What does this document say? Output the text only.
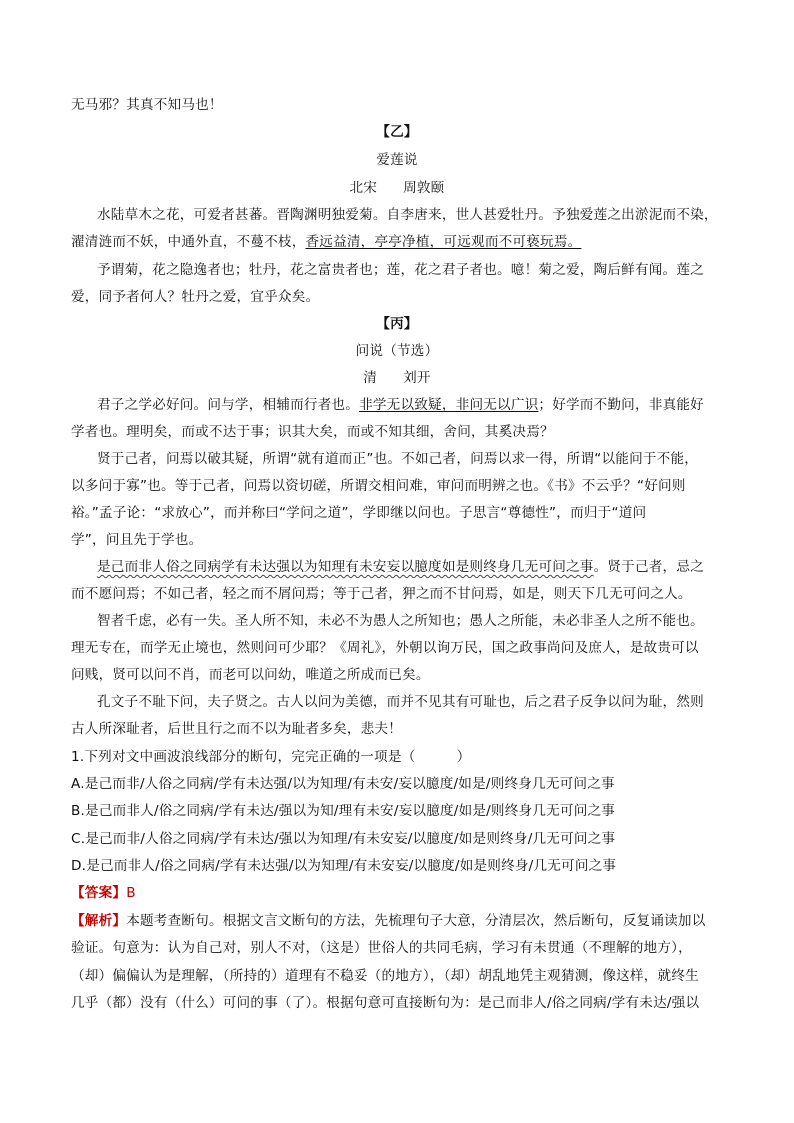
无马邪？其真不知马也！
【乙】
爱莲说
北宋 周敦颐
水陆草木之花，可爱者甚蕃。晋陶渊明独爱菊。自李唐来，世人甚爱牡丹。予独爱莲之出淤泥而不染，
濯清涟而不妖，中通外直，不蔓不枝，香远益清，亭亭净植，可远观而不可亵玩焉。
予谓菊，花之隐逸者也；牡丹，花之富贵者也；莲，花之君子者也。噫！菊之爱，陶后鲜有闻。莲之
爱，同予者何人？牡丹之爱，宜乎众矣。
【丙】
问说（节选）
清 刘开
君子之学必好问。问与学，相辅而行者也。非学无以致疑，非问无以广识；好学而不勤问，非真能好
学者也。理明矣，而或不达于事；识其大矣，而或不知其细，舍问，其奚决焉？
贤于己者，问焉以破其疑，所谓“就有道而正”也。不如己者，问焉以求一得，所谓“以能问于不能，
以多问于寡”也。等于己者，问焉以资切磋，所谓交相问难，审问而明辨之也。《书》不云乎？“好问则
裕。”孟子论：“求放心”，而并称曰“学问之道”，学即继以问也。子思言“尊德性”，而归于“道问
学”，问且先于学也。
是己而非人俗之同病学有未达强以为知理有未安妄以臆度如是则终身几无可问之事。贤于己者，忌之
而不愿问焉；不如己者，轻之而不屑问焉；等于己者，狎之而不甘问焉，如是，则天下几无可问之人。
智者千虑，必有一失。圣人所不知，未必不为愚人之所知也；愚人之所能，未必非圣人之所不能也。
理无专在，而学无止境也，然则问可少耶？《周礼》，外朝以询万民，国之政事尚问及庶人，是故贵可以
问贱，贤可以问不肖，而老可以问幼，唯道之所成而已矣。
孔文子不耻下问，夫子贤之。古人以问为美德，而并不见其有可耻也，后之君子反争以问为耻，然则
古人所深耻者，后世且行之而不以为耻者多矣，悲夫！
1.下列对文中画波浪线部分的断句，完完正确的一项是（　　　）
A.是己而非/人俗之同病/学有未达强/以为知理/有未安/妄以臆度/如是/则终身几无可问之事
B.是己而非人/俗之同病/学有未达/强以为知/理有未安/妄以臆度/如是/则终身几无可问之事
C.是己而非/人俗之同病/学有未达/强以为知理/有未安妄/以臆度/如是则终身/几无可问之事
D.是己而非人/俗之同病/学有未达强/以为知理/有未安妄/以臆度/如是则终身/几无可问之事
【答案】B
【解析】本题考查断句。根据文言文断句的方法，先梳理句子大意，分清层次，然后断句，反复诵读加以
验证。句意为：认为自己对，别人不对，（这是）世俗人的共同毛病，学习有未贯通（不理解的地方），
（却）偏偏认为是理解，（所持的）道理有不稳妥（的地方），（却）胡乱地凭主观猜测，像这样，就终生
几乎（都）没有（什么）可问的事（了）。根据句意可直接断句为：是己而非人/俗之同病/学有未达/强以
